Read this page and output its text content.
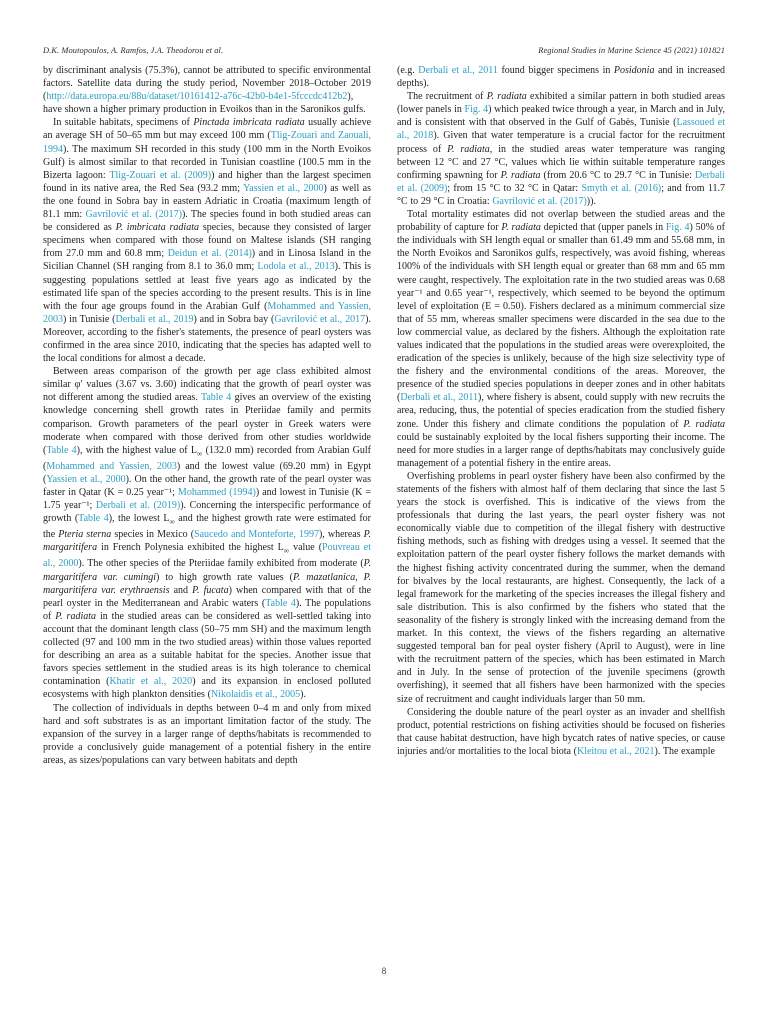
D.K. Moutopoulos, A. Ramfos, J.A. Theodorou et al.	Regional Studies in Marine Science 45 (2021) 101821

by discriminant analysis (75.3%), cannot be attributed to specific environmental factors. Satellite data during the study period, November 2018–October 2019 (http://data.europa.eu/88u/dataset/10161412-a76c-42b0-b4e1-5fcccdc412b2), have shown a higher primary production in Evoikos than in the Saronikos gulfs.

In suitable habitats, specimens of Pinctada imbricata radiata usually achieve an average SH of 50–65 mm but may exceed 100 mm (Tlig-Zouari and Zaouali, 1994). The maximum SH recorded in this study (100 mm in the North Evoikos Gulf) is almost similar to that recorded in Tunisian coastline (100.5 mm in the Bizerta lagoon: Tlig-Zouari et al. (2009)) and higher than the largest specimen found in its native area, the Red Sea (93.2 mm; Yassien et al., 2000) as well as the one found in Sobra bay in eastern Adriatic in Croatia (maximum length of 81.1 mm: Gavrilović et al. (2017)). The species found in both studied areas can be considered as P. imbricata radiata species, because they consisted of larger specimens when compared with those found on Maltese islands (SH ranging from 27.0 mm and 60.8 mm; Deidun et al. (2014)) and in Linosa Island in the Sicilian Channel (SH ranging from 8.1 to 36.0 mm; Lodola et al., 2013). This is suggesting populations settled at least five years ago as indicated by the estimated life span of the species according to the present results. This is in line with the four age groups found in the Arabian Gulf (Mohammed and Yassien, 2003) in Tunisie (Derbali et al., 2019) and in Sobra bay (Gavrilović et al., 2017). Moreover, according to the fisher's statements, the presence of pearl oysters was confirmed in the area since 2010, indicating that the species has adapted well to the local conditions for almost a decade.

Between areas comparison of the growth per age class exhibited almost similar φ′ values (3.67 vs. 3.60) indicating that the growth of pearl oyster was not different among the studied areas. Table 4 gives an overview of the existing knowledge concerning shell growth rates in Pteriidae family and permits comparison. Growth parameters of the pearl oyster in Greek waters were moderate when compared with those derived from other studies worldwide (Table 4), with the highest value of $L_\infty$ (132.0 mm) recorded from Arabian Gulf (Mohammed and Yassien, 2003) and the lowest value (69.20 mm) in Egypt (Yassien et al., 2000). On the other hand, the growth rate of the pearl oyster was faster in Qatar (K = 0.25 year⁻¹; Mohammed (1994)) and lowest in Tunisie (K = 1.75 year⁻¹; Derbali et al. (2019)). Concerning the interspecific performance of growth (Table 4), the lowest $L_\infty$ and the highest growth rate were estimated for the Pteria sterna species in Mexico (Saucedo and Monteforte, 1997), whereas P. margaritifera in French Polynesia exhibited the highest $L_\infty$ value (Pouvreau et al., 2000). The other species of the Pteriidae family exhibited from moderate (P. margaritifera var. cumingi) to high growth rate values (P. mazatlanica, P. margaritifera var. erythraensis and P. fucata) when compared with that of the pearl oyster in the Mediterranean and Arabic waters (Table 4). The populations of P. radiata in the studied areas can be considered as well-settled taking into account that the dominant length class (50–75 mm SH) and the maximum length collected (97 and 100 mm in the two studied areas) within those values reported for describing an area as a suitable habitat for the species. Another issue that favors species settlement in the studied areas is its high tolerance to chemical contamination (Khatir et al., 2020) and its expansion in enclosed polluted ecosystems with high plankton densities (Nikolaidis et al., 2005).

The collection of individuals in depths between 0–4 m and only from mixed hard and soft substrates is as an important limitation factor of the study. The expansion of the survey in a larger range of depths/habitats is recommended to provide a conclusively guide management of a potential fishery in the entire areas, as sizes/populations can vary between habitats and depth

(e.g. Derbali et al., 2011 found bigger specimens in Posidonia and in increased depths).

The recruitment of P. radiata exhibited a similar pattern in both studied areas (lower panels in Fig. 4) which peaked twice through a year, in March and in July, and is consistent with that observed in the Gulf of Gabès, Tunisie (Lassoued et al., 2018). Given that water temperature is a crucial factor for the recruitment process of P. radiata, in the studied areas water temperature was ranging between 12 °C and 27 °C, values which lie within suitable temperature ranges confirming spawning for P. radiata (from 20.6 °C to 29.7 °C in Tunisie: Derbali et al. (2009); from 15 °C to 32 °C in Qatar: Smyth et al. (2016); and from 11.7 °C to 29 °C in Croatia: Gavrilović et al. (2017))).

Total mortality estimates did not overlap between the studied areas and the probability of capture for P. radiata depicted that (upper panels in Fig. 4) 50% of the individuals with SH length equal or smaller than 61.49 mm and 55.68 mm, in the North Evoikos and Saronikos gulfs, respectively, was avoid fishing, whereas 100% of the individuals with SH length equal or greater than 68 mm and 65 mm were caught, respectively. The exploitation rate in the two studied areas was 0.68 year⁻¹ and 0.65 year⁻¹, respectively, which seemed to be beyond the optimum level of exploitation (E = 0.50). Fishers declared as a minimum commercial size that of 55 mm, whereas smaller specimens were discarded in the sea due to the low commercial value, as declared by the fishers. Although the exploitation rate values indicated that the populations in the studied areas were overexploited, the eradication of the species is unlikely, because of the high size selectivity type of the fishery and the environmental conditions of the areas. Moreover, the presence of the studied species populations in deeper zones and in other habitats (Derbali et al., 2011), where fishery is absent, could supply with new recruits the area, reducing, thus, the potential of species eradication from the studied fishery zone. Under this fishery and climate conditions the population of P. radiata could be sustainably exploited by the local fishers supporting their income. The need for more studies in a larger range of depths/habitats may conclusively guide management of a potential fishery in the entire areas.

Overfishing problems in pearl oyster fishery have been also confirmed by the statements of the fishers with almost half of them declaring that since the last 5 years the stock is overfished. This is indicative of the views from the professionals that during the last years, the pearl oyster fishery was not economically viable due to competition of the illegal fishery with destructive fishing methods, such as fishing with dredges using a vessel. It seemed that the exploitation pattern of the pearl oyster fishery follows the market demands with the highest fishing activity concentrated during the summer, when the demand for bivalves by the local restaurants, are highest. Consequently, the lack of a legal framework for the marketing of the species increases the illegal fishery and sale distribution. This is also confirmed by the fishers who stated that the seasonality of the fishery is strongly linked with the increasing demand from the market. In this context, the views of the fishers regarding an alternative suggested temporal ban for peal oyster fishery (April to August), were in line with the recruitment pattern of the species, which has been estimated in March and in July. In the sense of protection of the juvenile specimens (growth overfishing), it seemed that all fishers have been harmonized with the species size of recruitment and caught individuals larger than 50 mm.

Considering the double nature of the pearl oyster as an invader and shellfish product, potential restrictions on fishing activities should be focused on fisheries that cause habitat destruction, have high bycatch rates of native species, or cause injuries and/or mortalities to the local biota (Kleitou et al., 2021). The example

8
